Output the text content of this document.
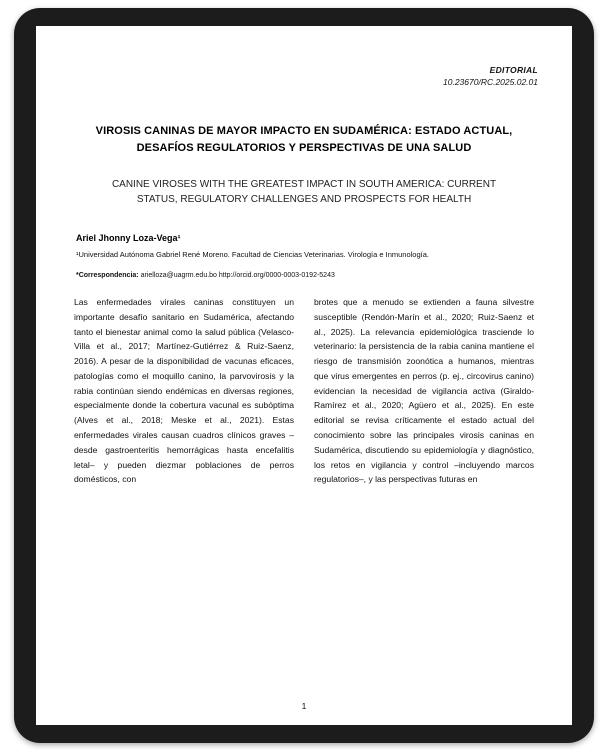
EDITORIAL
10.23670/RC.2025.02.01
VIROSIS CANINAS DE MAYOR IMPACTO EN SUDAMÉRICA: ESTADO ACTUAL, DESAFÍOS REGULATORIOS Y PERSPECTIVAS DE UNA SALUD
CANINE VIROSES WITH THE GREATEST IMPACT IN SOUTH AMERICA: CURRENT STATUS, REGULATORY CHALLENGES AND PROSPECTS FOR HEALTH
Ariel Jhonny Loza-Vega¹
¹Universidad Autónoma Gabriel René Moreno. Facultad de Ciencias Veterinarias. Virología e Inmunología.
*Correspondencia: arielloza@uagrm.edu.bo http://orcid.org/0000-0003-0192-5243

Las enfermedades virales caninas constituyen un importante desafío sanitario en Sudamérica, afectando tanto el bienestar animal como la salud pública (Velasco-Villa et al., 2017; Martínez-Gutiérrez & Ruiz-Saenz, 2016). A pesar de la disponibilidad de vacunas eficaces, patologías como el moquillo canino, la parvovirosis y la rabia continúan siendo endémicas en diversas regiones, especialmente donde la cobertura vacunal es subóptima (Alves et al., 2018; Meske et al., 2021). Estas enfermedades virales causan cuadros clínicos graves –desde gastroenteritis hemorrágicas hasta encefalitis letal– y pueden diezmar poblaciones de perros domésticos, con

brotes que a menudo se extienden a fauna silvestre susceptible (Rendón-Marín et al., 2020; Ruiz-Saenz et al., 2025). La relevancia epidemiológica trasciende lo veterinario: la persistencia de la rabia canina mantiene el riesgo de transmisión zoonótica a humanos, mientras que virus emergentes en perros (p. ej., circovirus canino) evidencian la necesidad de vigilancia activa (Giraldo-Ramírez et al., 2020; Agüero et al., 2025). En este editorial se revisa críticamente el estado actual del conocimiento sobre las principales virosis caninas en Sudamérica, discutiendo su epidemiología y diagnóstico, los retos en vigilancia y control –incluyendo marcos regulatorios–, y las perspectivas futuras en

1
